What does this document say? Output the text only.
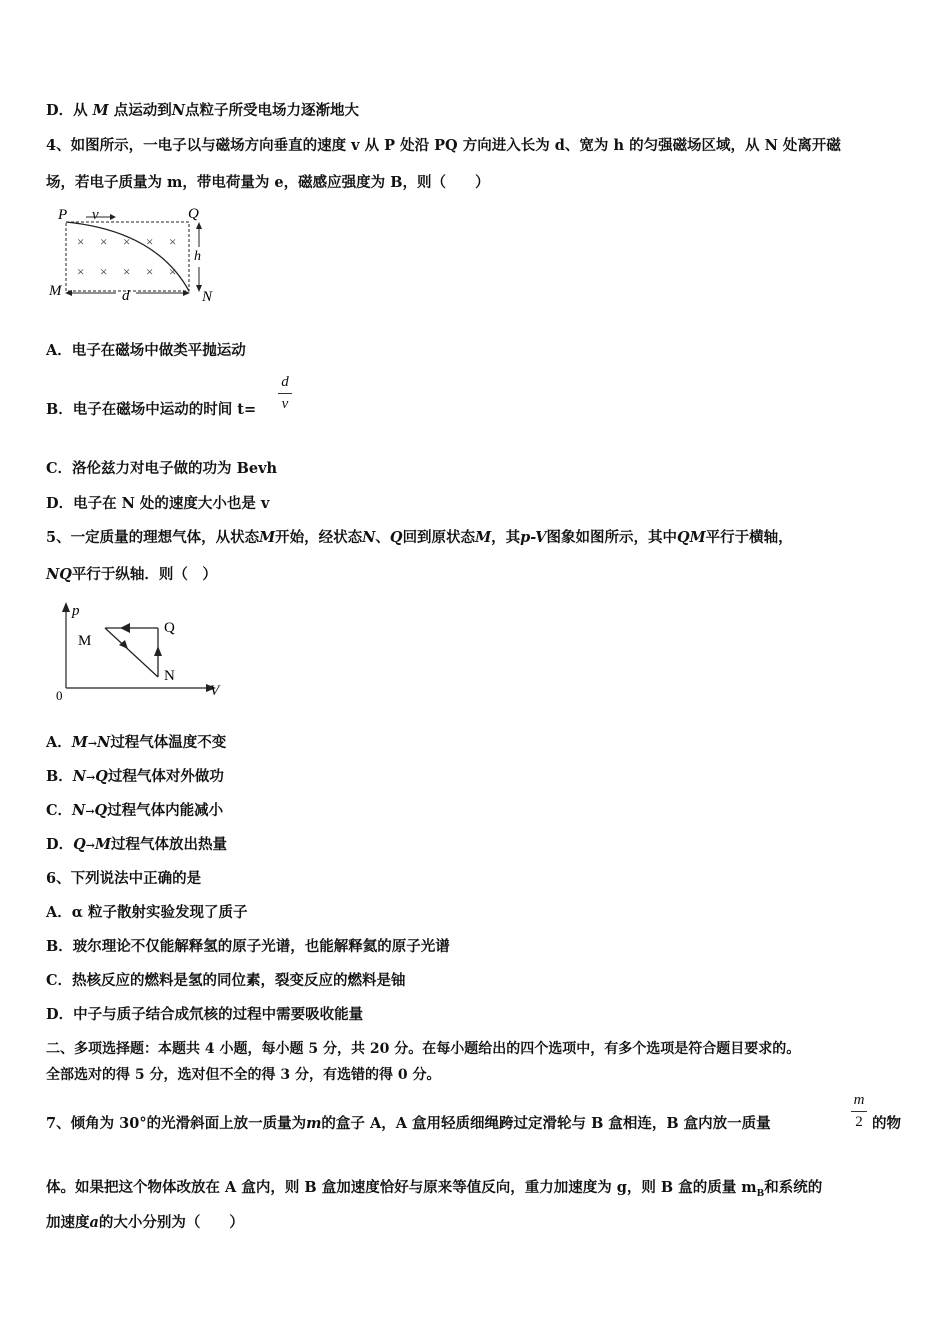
D．从 M 点运动到N点粒子所受电场力逐渐地大
4、如图所示，一电子以与磁场方向垂直的速度 v 从 P 处沿 PQ 方向进入长为 d、宽为 h 的匀强磁场区域，从 N 处离开磁
场，若电子质量为 m，带电荷量为 e，磁感应强度为 B，则（　　）
P v	Q
h
× × × × ×
× × × × ×
M	N
d
A．电子在磁场中做类平抛运动
B．电子在磁场中运动的时间 t=
d
v
C．洛伦兹力对电子做的功为 Bevh
D．电子在 N 处的速度大小也是 v
5、一定质量的理想气体，从状态M开始，经状态N、Q回到原状态M，其p-V图象如图所示，其中QM平行于横轴，
NQ平行于纵轴．则（　）
p
V
0
M
Q
N
A．M→N过程气体温度不变
B．N→Q过程气体对外做功
C．N→Q过程气体内能减小
D．Q→M过程气体放出热量
6、下列说法中正确的是
A．α 粒子散射实验发现了质子
B．玻尔理论不仅能解释氢的原子光谱，也能解释氦的原子光谱
C．热核反应的燃料是氢的同位素，裂变反应的燃料是铀
D．中子与质子结合成氘核的过程中需要吸收能量
二、多项选择题：本题共 4 小题，每小题 5 分，共 20 分。在每小题给出的四个选项中，有多个选项是符合题目要求的。
全部选对的得 5 分，选对但不全的得 3 分，有选错的得 0 分。
7、倾角为 30°的光滑斜面上放一质量为m的盒子 A，A 盒用轻质细绳跨过定滑轮与 B 盒相连，B 盒内放一质量
m
2 的物
体。如果把这个物体改放在 A 盒内，则 B 盒加速度恰好与原来等值反向，重力加速度为 g，则 B 盒的质量 $m_B$和系统的
加速度a的大小分别为（　　）
